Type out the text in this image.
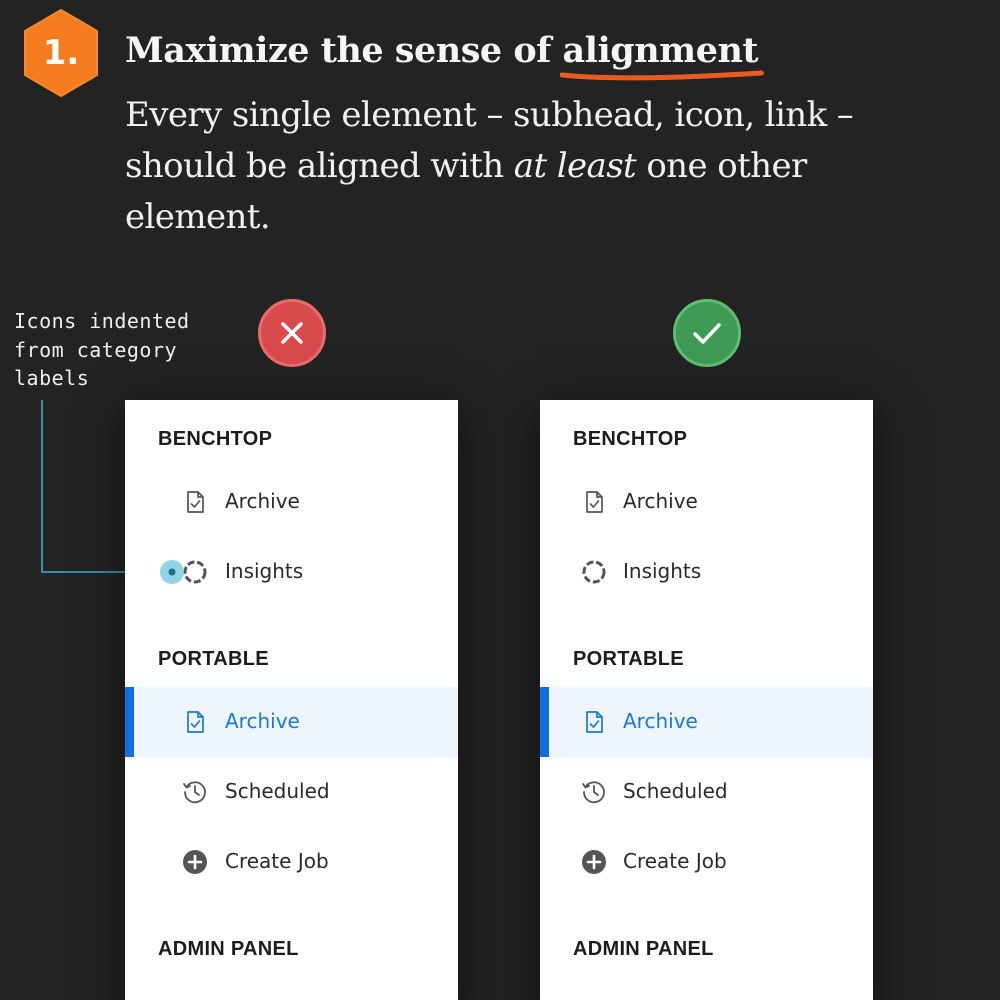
1.	Maximize the sense of alignment
Every single element – subhead, icon, link – should be aligned with at least one other element.
Icons indented
from category
labels
BENCHTOP
Archive
Insights
PORTABLE
Archive
Scheduled
Create Job
ADMIN PANEL
BENCHTOP
Archive
Insights
PORTABLE
Archive
Scheduled
Create Job
ADMIN PANEL
